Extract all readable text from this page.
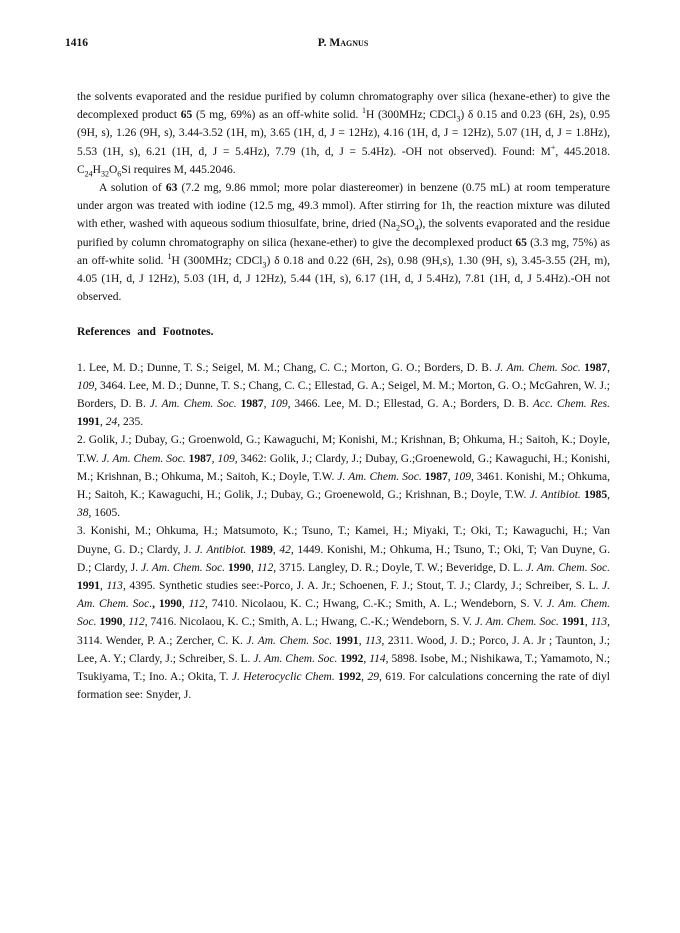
1416	P. Magnus

the solvents evaporated and the residue purified by column chromatography over silica (hexane-ether) to give the decomplexed product 65 (5 mg, 69%) as an off-white solid. $^1$H (300MHz; CDCl$_3$) δ 0.15 and 0.23 (6H, 2s), 0.95 (9H, s), 1.26 (9H, s), 3.44-3.52 (1H, m), 3.65 (1H, d, J = 12Hz), 4.16 (1H, d, J = 12Hz), 5.07 (1H, d, J = 1.8Hz), 5.53 (1H, s), 6.21 (1H, d, J = 5.4Hz), 7.79 (1h, d, J = 5.4Hz). -OH not observed). Found: M+, 445.2018. $C_{24}H_{32}O_6Si$ requires M, 445.2046.

A solution of 63 (7.2 mg, 9.86 mmol; more polar diastereomer) in benzene (0.75 mL) at room temperature under argon was treated with iodine (12.5 mg, 49.3 mmol). After stirring for 1h, the reaction mixture was diluted with ether, washed with aqueous sodium thiosulfate, brine, dried $(Na_2SO_4)$, the solvents evaporated and the residue purified by column chromatography on silica (hexane-ether) to give the decomplexed product 65 (3.3 mg, 75%) as an off-white solid. $^1$H (300MHz; CDCl$_3$) δ 0.18 and 0.22 (6H, 2s), 0.98 (9H,s), 1.30 (9H, s), 3.45-3.55 (2H, m), 4.05 (1H, d, J 12Hz), 5.03 (1H, d, J 12Hz), 5.44 (1H, s), 6.17 (1H, d, J 5.4Hz), 7.81 (1H, d, J 5.4Hz).-OH not observed.

References and Footnotes.

1. Lee, M. D.; Dunne, T. S.; Seigel, M. M.; Chang, C. C.; Morton, G. O.; Borders, D. B. J. Am. Chem. Soc. 1987, 109, 3464. Lee, M. D.; Dunne, T. S.; Chang, C. C.; Ellestad, G. A.; Seigel, M. M.; Morton, G. O.; McGahren, W. J.; Borders, D. B. J. Am. Chem. Soc. 1987, 109, 3466. Lee, M. D.; Ellestad, G. A.; Borders, D. B. Acc. Chem. Res. 1991, 24, 235.

2. Golik, J.; Dubay, G.; Groenwold, G.; Kawaguchi, M; Konishi, M.; Krishnan, B; Ohkuma, H.; Saitoh, K.; Doyle, T.W. J. Am. Chem. Soc. 1987, 109, 3462: Golik, J.; Clardy, J.; Dubay, G.;Groenewold, G.; Kawaguchi, H.; Konishi, M.; Krishnan, B.; Ohkuma, M.; Saitoh, K.; Doyle, T.W. J. Am. Chem. Soc. 1987, 109, 3461. Konishi, M.; Ohkuma, H.; Saitoh, K.; Kawaguchi, H.; Golik, J.; Dubay, G.; Groenewold, G.; Krishnan, B.; Doyle, T.W. J. Antibiot. 1985, 38, 1605.

3. Konishi, M.; Ohkuma, H.; Matsumoto, K.; Tsuno, T.; Kamei, H.; Miyaki, T.; Oki, T.; Kawaguchi, H.; Van Duyne, G. D.; Clardy, J. J. Antibiot. 1989, 42, 1449. Konishi, M.; Ohkuma, H.; Tsuno, T.; Oki, T; Van Duyne, G. D.; Clardy, J. J. Am. Chem. Soc. 1990, 112, 3715. Langley, D. R.; Doyle, T. W.; Beveridge, D. L. J. Am. Chem. Soc. 1991, 113, 4395. Synthetic studies see:-Porco, J. A. Jr.; Schoenen, F. J.; Stout, T. J.; Clardy, J.; Schreiber, S. L. J. Am. Chem. Soc., 1990, 112, 7410. Nicolaou, K. C.; Hwang, C.-K.; Smith, A. L.; Wendeborn, S. V. J. Am. Chem. Soc. 1990, 112, 7416. Nicolaou, K. C.; Smith, A. L.; Hwang, C.-K.; Wendeborn, S. V. J. Am. Chem. Soc. 1991, 113, 3114. Wender, P. A.; Zercher, C. K. J. Am. Chem. Soc. 1991, 113, 2311. Wood, J. D.; Porco, J. A. Jr ; Taunton, J.; Lee, A. Y.; Clardy, J.; Schreiber, S. L. J. Am. Chem. Soc. 1992, 114, 5898. Isobe, M.; Nishikawa, T.; Yamamoto, N.; Tsukiyama, T.; Ino. A.; Okita, T. J. Heterocyclic Chem. 1992, 29, 619. For calculations concerning the rate of diyl formation see: Snyder, J.
